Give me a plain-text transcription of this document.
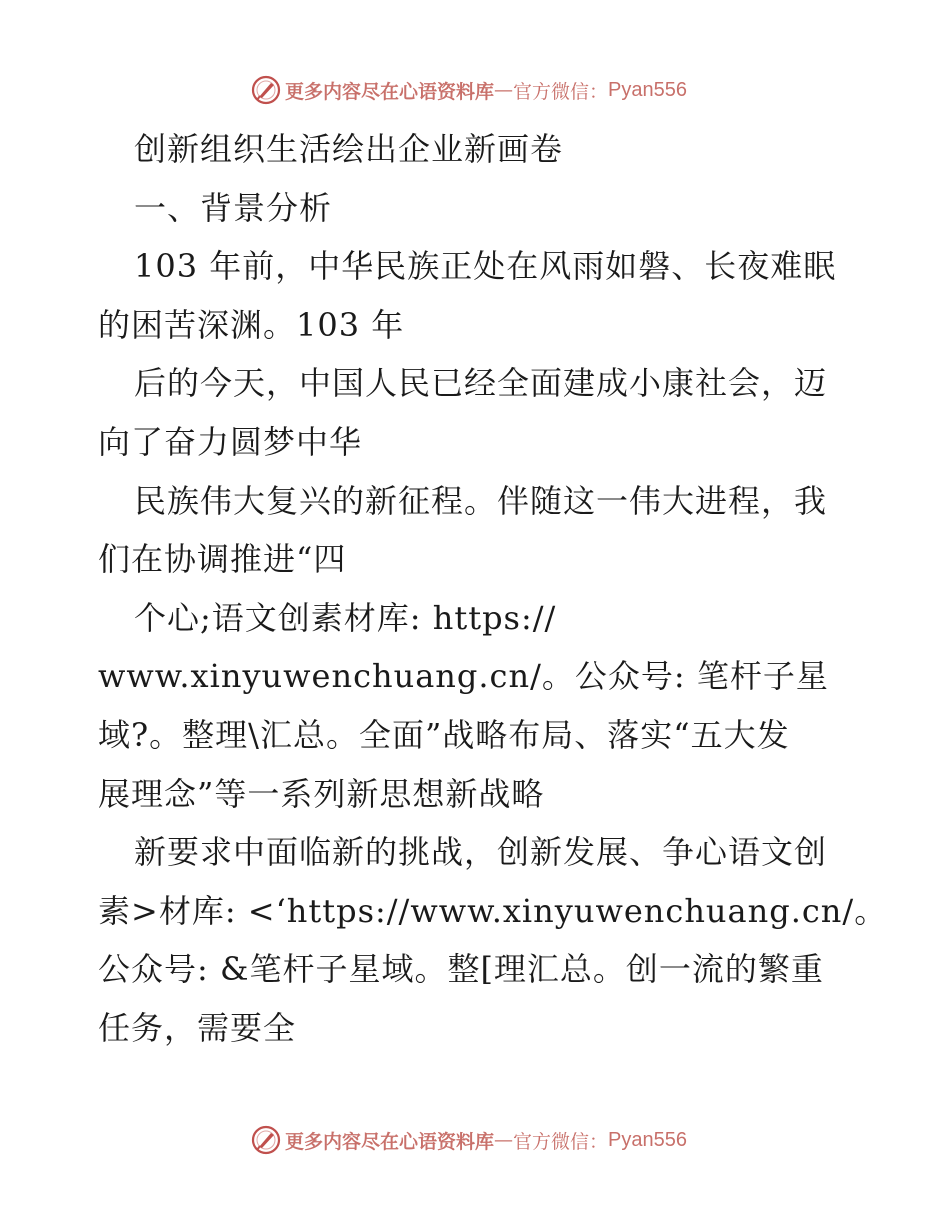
更多内容尽在心语资料库 — 官方微信： Pyan556
创新组织生活绘出企业新画卷
一、背景分析
103 年前，中华民族正处在风雨如磐、长夜难眠
的困苦深渊。103 年
后的今天，中国人民已经全面建成小康社会，迈
向了奋力圆梦中华
民族伟大复兴的新征程。伴随这一伟大进程，我
们在协调推进“四
个心;语文创素材库: https://
www.xinyuwenchuang.cn/。公众号: 笔杆子星
域?。整理\汇总。全面”战略布局、落实“五大发
展理念”等一系列新思想新战略
新要求中面临新的挑战，创新发展、争心语文创
素>材库: <‘https://www.xinyuwenchuang.cn/。
公众号: &笔杆子星域。整[理汇总。创一流的繁重
任务，需要全
更多内容尽在心语资料库 — 官方微信： Pyan556
